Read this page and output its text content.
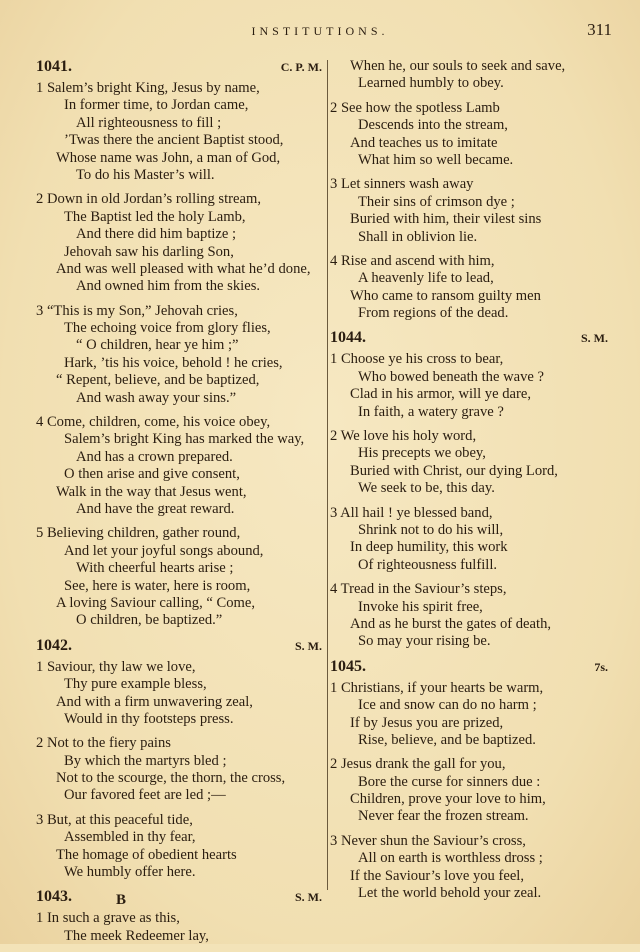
INSTITUTIONS.	311
1041.	C. P. M.
1 Salem’s bright King, Jesus by name,
In former time, to Jordan came,
All righteousness to fill ;
’Twas there the ancient Baptist stood,
Whose name was John, a man of God,
To do his Master’s will.
2 Down in old Jordan’s rolling stream,
The Baptist led the holy Lamb,
And there did him baptize ;
Jehovah saw his darling Son,
And was well pleased with what he’d done,
And owned him from the skies.
3 “This is my Son,” Jehovah cries,
The echoing voice from glory flies,
“ O children, hear ye him ;”
Hark, ’tis his voice, behold ! he cries,
“ Repent, believe, and be baptized,
And wash away your sins.”
4 Come, children, come, his voice obey,
Salem’s bright King has marked the way,
And has a crown prepared.
O then arise and give consent,
Walk in the way that Jesus went,
And have the great reward.
5 Believing children, gather round,
And let your joyful songs abound,
With cheerful hearts arise ;
See, here is water, here is room,
A loving Saviour calling, “ Come,
O children, be baptized.”
1042.	S. M.
1 Saviour, thy law we love,
Thy pure example bless,
And with a firm unwavering zeal,
Would in thy footsteps press.
2 Not to the fiery pains
By which the martyrs bled ;
Not to the scourge, the thorn, the cross,
Our favored feet are led ;—
3 But, at this peaceful tide,
Assembled in thy fear,
The homage of obedient hearts
We humbly offer here.
1043.	S. M.
1 In such a grave as this,
The meek Redeemer lay,
When he, our souls to seek and save,
Learned humbly to obey.
2 See how the spotless Lamb
Descends into the stream,
And teaches us to imitate
What him so well became.
3 Let sinners wash away
Their sins of crimson dye ;
Buried with him, their vilest sins
Shall in oblivion lie.
4 Rise and ascend with him,
A heavenly life to lead,
Who came to ransom guilty men
From regions of the dead.
1044.	S. M.
1 Choose ye his cross to bear,
Who bowed beneath the wave ?
Clad in his armor, will ye dare,
In faith, a watery grave ?
2 We love his holy word,
His precepts we obey,
Buried with Christ, our dying Lord,
We seek to be, this day.
3 All hail ! ye blessed band,
Shrink not to do his will,
In deep humility, this work
Of righteousness fulfill.
4 Tread in the Saviour’s steps,
Invoke his spirit free,
And as he burst the gates of death,
So may your rising be.
1045.	7s.
1 Christians, if your hearts be warm,
Ice and snow can do no harm ;
If by Jesus you are prized,
Rise, believe, and be baptized.
2 Jesus drank the gall for you,
Bore the curse for sinners due :
Children, prove your love to him,
Never fear the frozen stream.
3 Never shun the Saviour’s cross,
All on earth is worthless dross ;
If the Saviour’s love you feel,
Let the world behold your zeal.
B
